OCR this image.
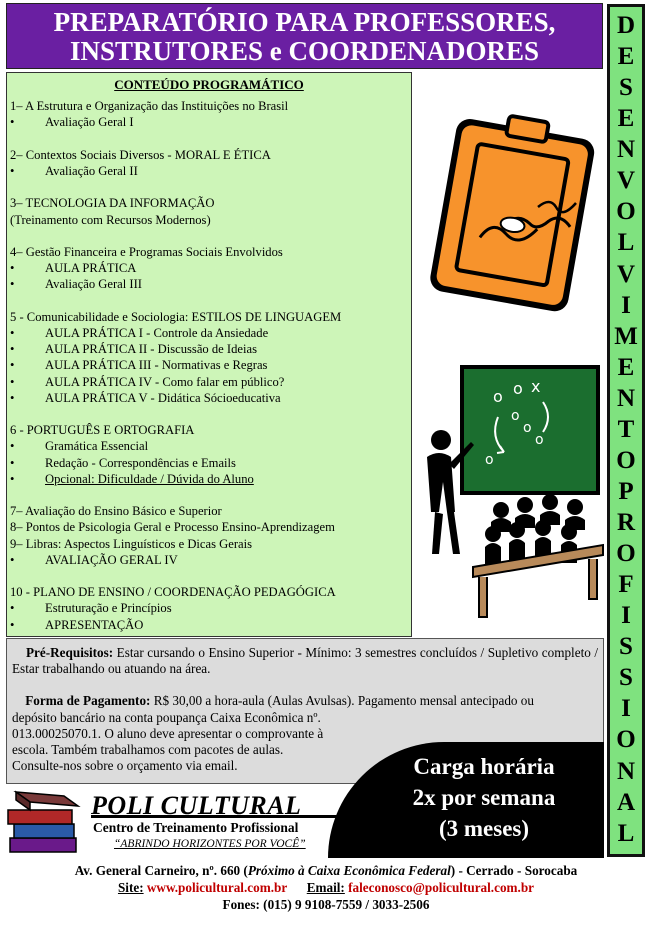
PREPARATÓRIO PARA PROFESSORES,
INSTRUTORES e COORDENADORES
D
E
S
E
N
V
O
L
V
I
M
E
N
T
O
P
R
O
F
I
S
S
I
O
N
A
L
CONTEÚDO PROGRAMÁTICO
1– A Estrutura e Organização das Instituições no Brasil
• Avaliação Geral I
2– Contextos Sociais Diversos - MORAL E ÉTICA
• Avaliação Geral II
3– TECNOLOGIA DA INFORMAÇÃO
(Treinamento com Recursos Modernos)
4– Gestão Financeira e Programas Sociais Envolvidos
• AULA PRÁTICA
• Avaliação Geral III
5 - Comunicabilidade e Sociologia: ESTILOS DE LINGUAGEM
• AULA PRÁTICA I - Controle da Ansiedade
• AULA PRÁTICA II - Discussão de Ideias
• AULA PRÁTICA III - Normativas e Regras
• AULA PRÁTICA IV - Como falar em público?
• AULA PRÁTICA V - Didática Sócioeducativa
6 - PORTUGUÊS E ORTOGRAFIA
• Gramática Essencial
• Redação - Correspondências e Emails
• Opcional: Dificuldade / Dúvida do Aluno
7– Avaliação do Ensino Básico e Superior
8– Pontos de Psicologia Geral e Processo Ensino-Aprendizagem
9– Libras: Aspectos Linguísticos e Dicas Gerais
• AVALIAÇÃO GERAL IV
10 - PLANO DE ENSINO / COORDENAÇÃO PEDAGÓGICA
• Estruturação e Princípios
• APRESENTAÇÃO
o o x
o
o
o
o

Pré-Requisitos: Estar cursando o Ensino Superior - Mínimo: 3 semestres concluídos / Supletivo completo / Estar trabalhando ou atuando na área.

Forma de Pagamento: R$ 30,00 a hora-aula (Aulas Avulsas). Pagamento mensal antecipado ou
depósito bancário na conta poupança Caixa Econômica nº.
013.00025070.1. O aluno deve apresentar o comprovante à
escola. Também trabalhamos com pacotes de aulas.
Consulte-nos sobre o orçamento via email.	Carga horária
2x por semana
(3 meses)
POLI CULTURAL
Centro de Treinamento Profissional
“ABRINDO HORIZONTES POR VOCÊ”
Av. General Carneiro, nº. 660 (Próximo à Caixa Econômica Federal) - Cerrado - Sorocaba
Site: www.policultural.com.br Email: faleconosco@policultural.com.br
Fones: (015) 9 9108-7559 / 3033-2506
